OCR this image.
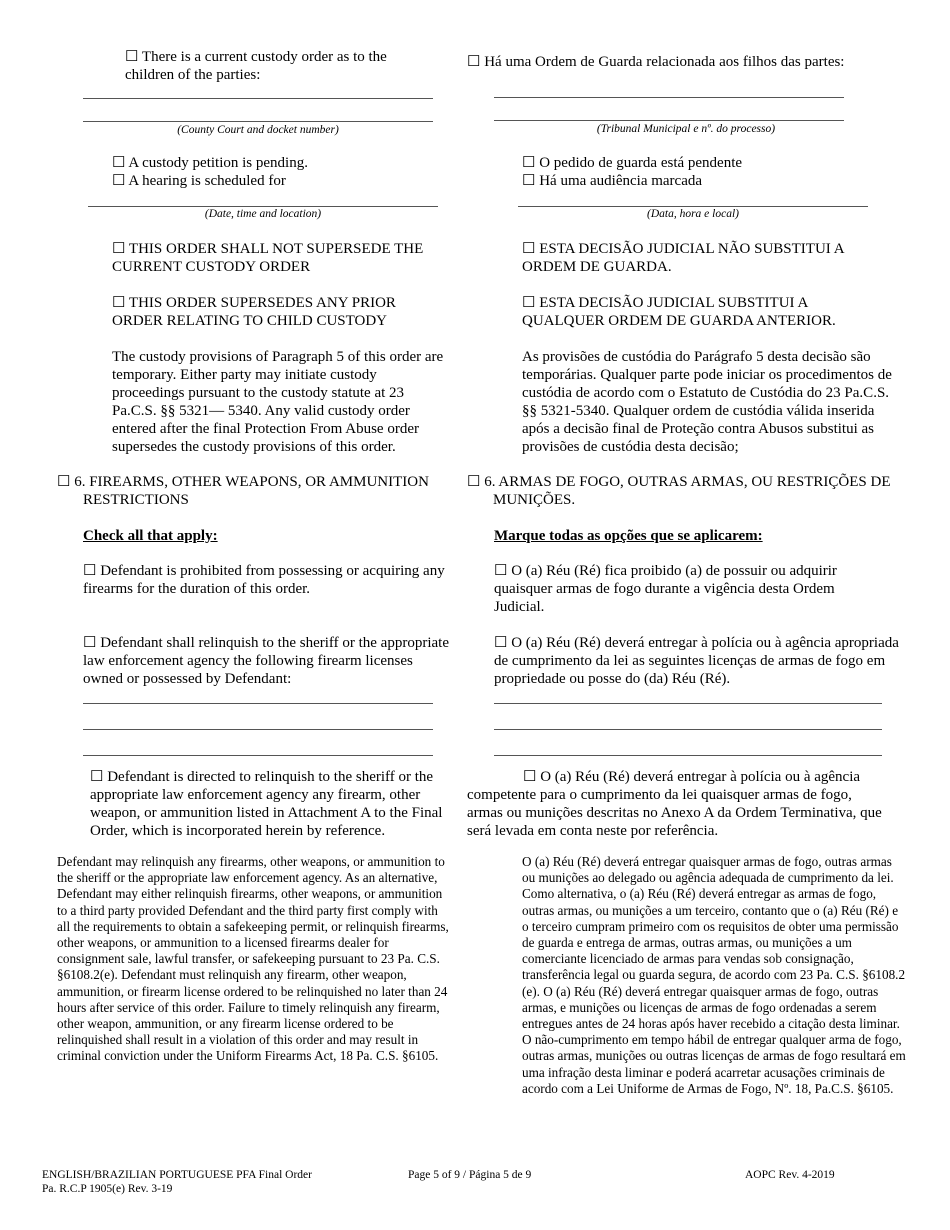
☐ There is a current custody order as to the children of the parties:
(County Court and docket number)
☐ A custody petition is pending.
☐ A hearing is scheduled for
(Date, time and location)
☐ THIS ORDER SHALL NOT SUPERSEDE THE CURRENT CUSTODY ORDER
☐ THIS ORDER SUPERSEDES ANY PRIOR ORDER RELATING TO CHILD CUSTODY
The custody provisions of Paragraph 5 of this order are temporary. Either party may initiate custody proceedings pursuant to the custody statute at 23 Pa.C.S. §§ 5321— 5340. Any valid custody order entered after the final Protection From Abuse order supersedes the custody provisions of this order.
☐ 6. FIREARMS, OTHER WEAPONS, OR AMMUNITION RESTRICTIONS
Check all that apply:
☐ Defendant is prohibited from possessing or acquiring any firearms for the duration of this order.
☐ Defendant shall relinquish to the sheriff or the appropriate law enforcement agency the following firearm licenses owned or possessed by Defendant:
☐ Defendant is directed to relinquish to the sheriff or the appropriate law enforcement agency any firearm, other weapon, or ammunition listed in Attachment A to the Final Order, which is incorporated herein by reference.
Defendant may relinquish any firearms, other weapons, or ammunition to the sheriff or the appropriate law enforcement agency. As an alternative, Defendant may either relinquish firearms, other weapons, or ammunition to a third party provided Defendant and the third party first comply with all the requirements to obtain a safekeeping permit, or relinquish firearms, other weapons, or ammunition to a licensed firearms dealer for consignment sale, lawful transfer, or safekeeping pursuant to 23 Pa. C.S. §6108.2(e). Defendant must relinquish any firearm, other weapon, ammunition, or firearm license ordered to be relinquished no later than 24 hours after service of this order. Failure to timely relinquish any firearm, other weapon, ammunition, or any firearm license ordered to be relinquished shall result in a violation of this order and may result in criminal conviction under the Uniform Firearms Act, 18 Pa. C.S. §6105.
☐ Há uma Ordem de Guarda relacionada aos filhos das partes:
(Tribunal Municipal e nº. do processo)
☐ O pedido de guarda está pendente
☐ Há uma audiência marcada
(Data, hora e local)
☐ ESTA DECISÃO JUDICIAL NÃO SUBSTITUI A ORDEM DE GUARDA.
☐ ESTA DECISÃO JUDICIAL SUBSTITUI A QUALQUER ORDEM DE GUARDA ANTERIOR.
As provisões de custódia do Parágrafo 5 desta decisão são temporárias. Qualquer parte pode iniciar os procedimentos de custódia de acordo com o Estatuto de Custódia do 23 Pa.C.S. §§ 5321-5340. Qualquer ordem de custódia válida inserida após a decisão final de Proteção contra Abusos substitui as provisões de custódia desta decisão;
☐ 6. ARMAS DE FOGO, OUTRAS ARMAS, OU RESTRIÇÕES DE MUNIÇÕES.
Marque todas as opções que se aplicarem:
☐ O (a) Réu (Ré) fica proibido (a) de possuir ou adquirir quaisquer armas de fogo durante a vigência desta Ordem Judicial.
☐ O (a) Réu (Ré) deverá entregar à polícia ou à agência apropriada de cumprimento da lei as seguintes licenças de armas de fogo em propriedade ou posse do (da) Réu (Ré).
☐ O (a) Réu (Ré) deverá entregar à polícia ou à agência competente para o cumprimento da lei quaisquer armas de fogo, armas ou munições descritas no Anexo A da Ordem Terminativa, que será levada em conta neste por referência.
O (a) Réu (Ré) deverá entregar quaisquer armas de fogo, outras armas ou munições ao delegado ou agência adequada de cumprimento da lei. Como alternativa, o (a) Réu (Ré) deverá entregar as armas de fogo, outras armas, ou munições a um terceiro, contanto que o (a) Réu (Ré) e o terceiro cumpram primeiro com os requisitos de obter uma permissão de guarda e entrega de armas, outras armas, ou munições a um comerciante licenciado de armas para vendas sob consignação, transferência legal ou guarda segura, de acordo com 23 Pa. C.S. §6108.2 (e). O (a) Réu (Ré) deverá entregar quaisquer armas de fogo, outras armas, e munições ou licenças de armas de fogo ordenadas a serem entregues antes de 24 horas após haver recebido a citação desta liminar. O não-cumprimento em tempo hábil de entregar qualquer arma de fogo, outras armas, munições ou outras licenças de armas de fogo resultará em uma infração desta liminar e poderá acarretar acusações criminais de acordo com a Lei Uniforme de Armas de Fogo, Nº. 18, Pa.C.S. §6105.
ENGLISH/BRAZILIAN PORTUGUESE PFA Final Order
Pa. R.C.P 1905(e) Rev. 3-19
Page 5 of 9 / Página 5 de 9	AOPC Rev. 4-2019
